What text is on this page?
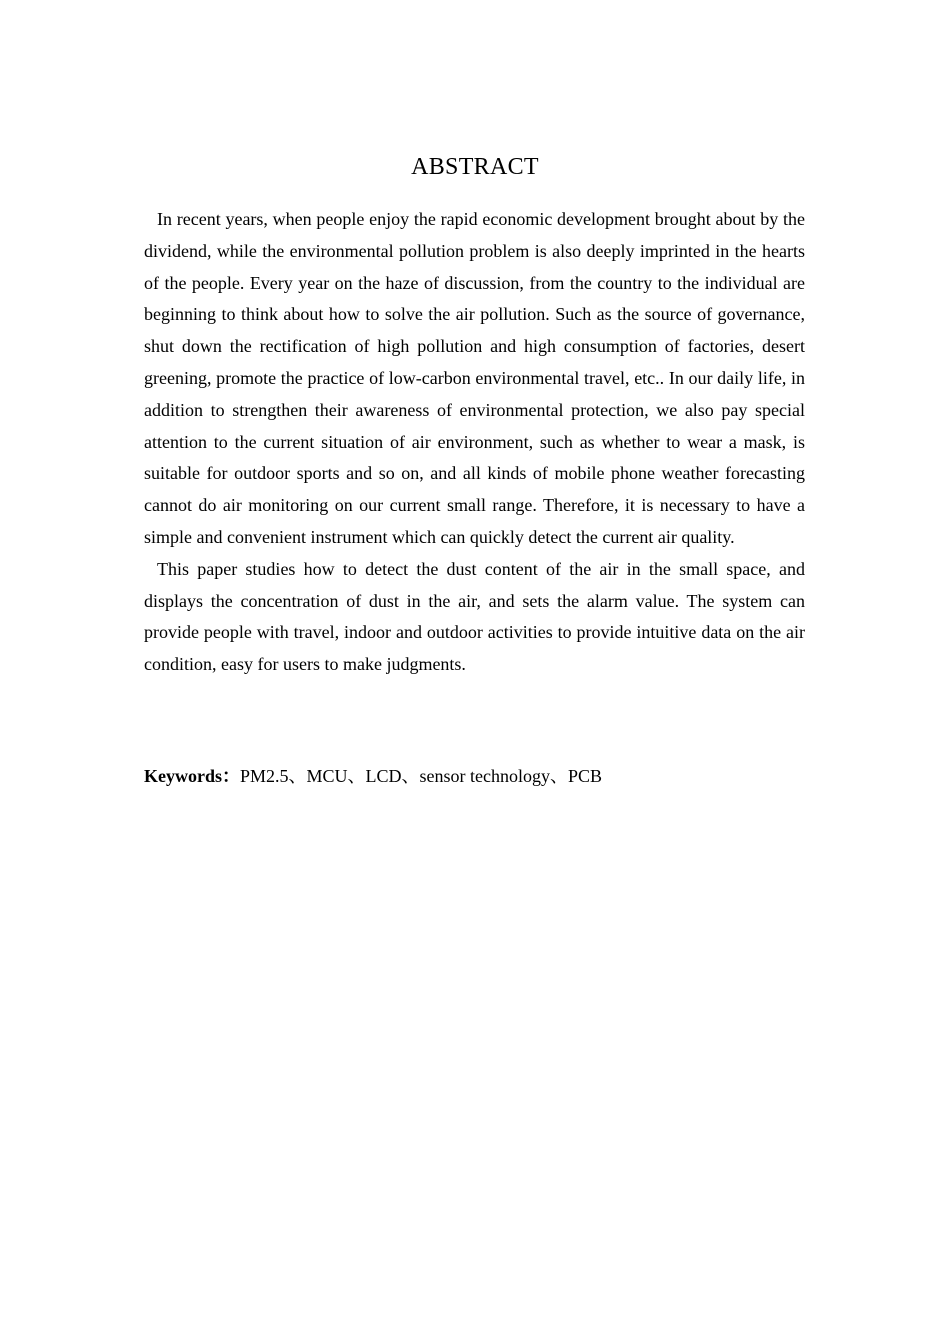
ABSTRACT

In recent years, when people enjoy the rapid economic development brought about by the dividend, while the environmental pollution problem is also deeply imprinted in the hearts of the people. Every year on the haze of discussion, from the country to the individual are beginning to think about how to solve the air pollution. Such as the source of governance, shut down the rectification of high pollution and high consumption of factories, desert greening, promote the practice of low-carbon environmental travel, etc.. In our daily life, in addition to strengthen their awareness of environmental protection, we also pay special attention to the current situation of air environment, such as whether to wear a mask, is suitable for outdoor sports and so on, and all kinds of mobile phone weather forecasting cannot do air monitoring on our current small range. Therefore, it is necessary to have a simple and convenient instrument which can quickly detect the current air quality.

This paper studies how to detect the dust content of the air in the small space, and displays the concentration of dust in the air, and sets the alarm value. The system can provide people with travel, indoor and outdoor activities to provide intuitive data on the air condition, easy for users to make judgments.

Keywords：PM2.5、MCU、LCD、sensor technology、PCB
